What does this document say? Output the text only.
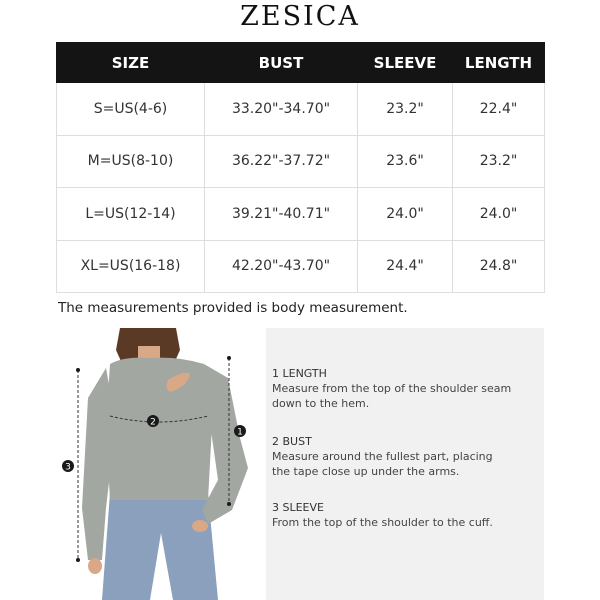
ZESICA
SIZE	BUST	SLEEVE	LENGTH
S=US(4-6)	33.20"-34.70"	23.2"	22.4"
M=US(8-10)	36.22"-37.72"	23.6"	23.2"
L=US(12-14)	39.21"-40.71"	24.0"	24.0"
XL=US(16-18)	42.20"-43.70"	24.4"	24.8"
The measurements provided is body measurement.
2
1
3
1 LENGTH
Measure from the top of the shoulder seam down to the hem.
2 BUST
Measure around the fullest part, placing the tape close up under the arms.
3 SLEEVE
From the top of the shoulder to the cuff.
